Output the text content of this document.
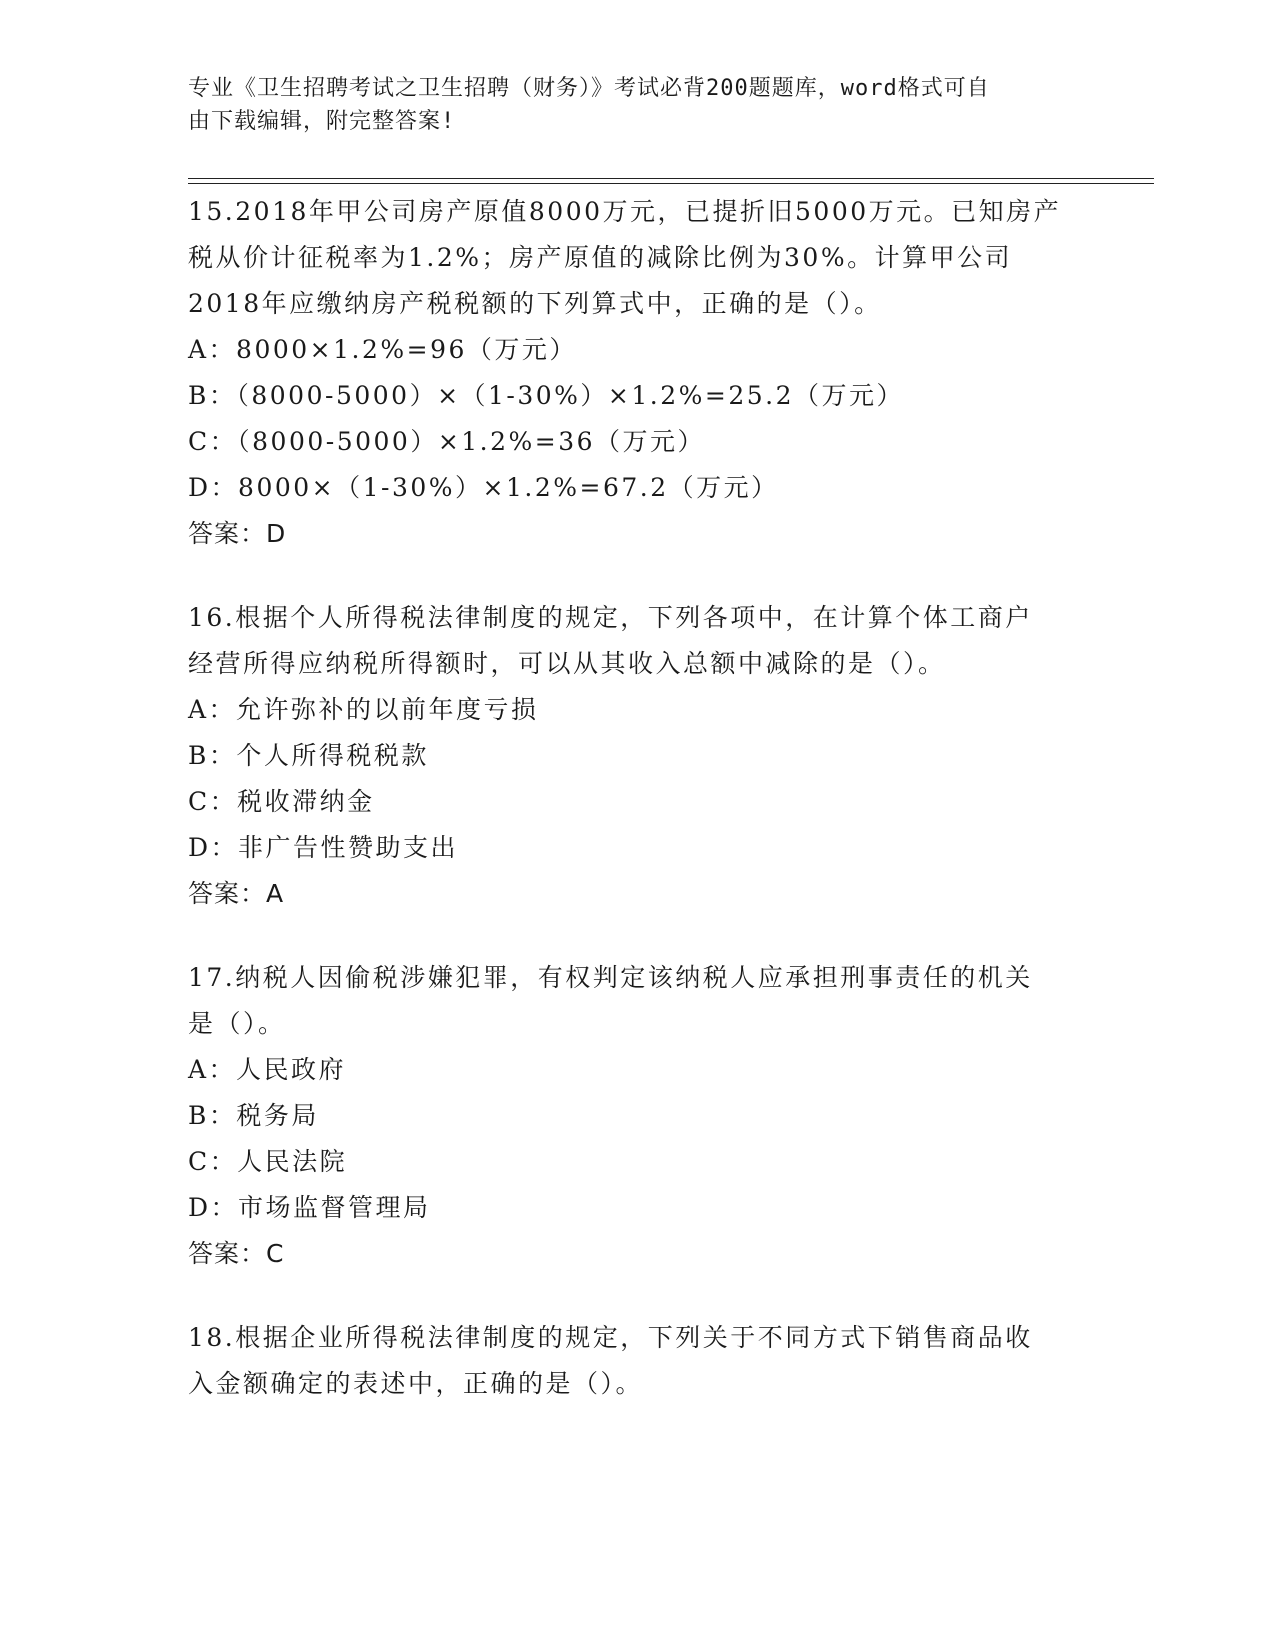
专业《卫生招聘考试之卫生招聘（财务）》考试必背200题题库，word格式可自
由下载编辑，附完整答案!
15.2018年甲公司房产原值8000万元，已提折旧5000万元。已知房产
税从价计征税率为1.2%；房产原值的减除比例为30%。计算甲公司
2018年应缴纳房产税税额的下列算式中，正确的是（）。
A：8000×1.2%=96（万元）
B：（8000-5000）×（1-30%）×1.2%=25.2（万元）
C：（8000-5000）×1.2%=36（万元）
D：8000×（1-30%）×1.2%=67.2（万元）
答案：D
16.根据个人所得税法律制度的规定，下列各项中，在计算个体工商户
经营所得应纳税所得额时，可以从其收入总额中减除的是（）。
A：允许弥补的以前年度亏损
B：个人所得税税款
C：税收滞纳金
D：非广告性赞助支出
答案：A
17.纳税人因偷税涉嫌犯罪，有权判定该纳税人应承担刑事责任的机关
是（）。
A：人民政府
B：税务局
C：人民法院
D：市场监督管理局
答案：C
18.根据企业所得税法律制度的规定，下列关于不同方式下销售商品收
入金额确定的表述中，正确的是（）。
